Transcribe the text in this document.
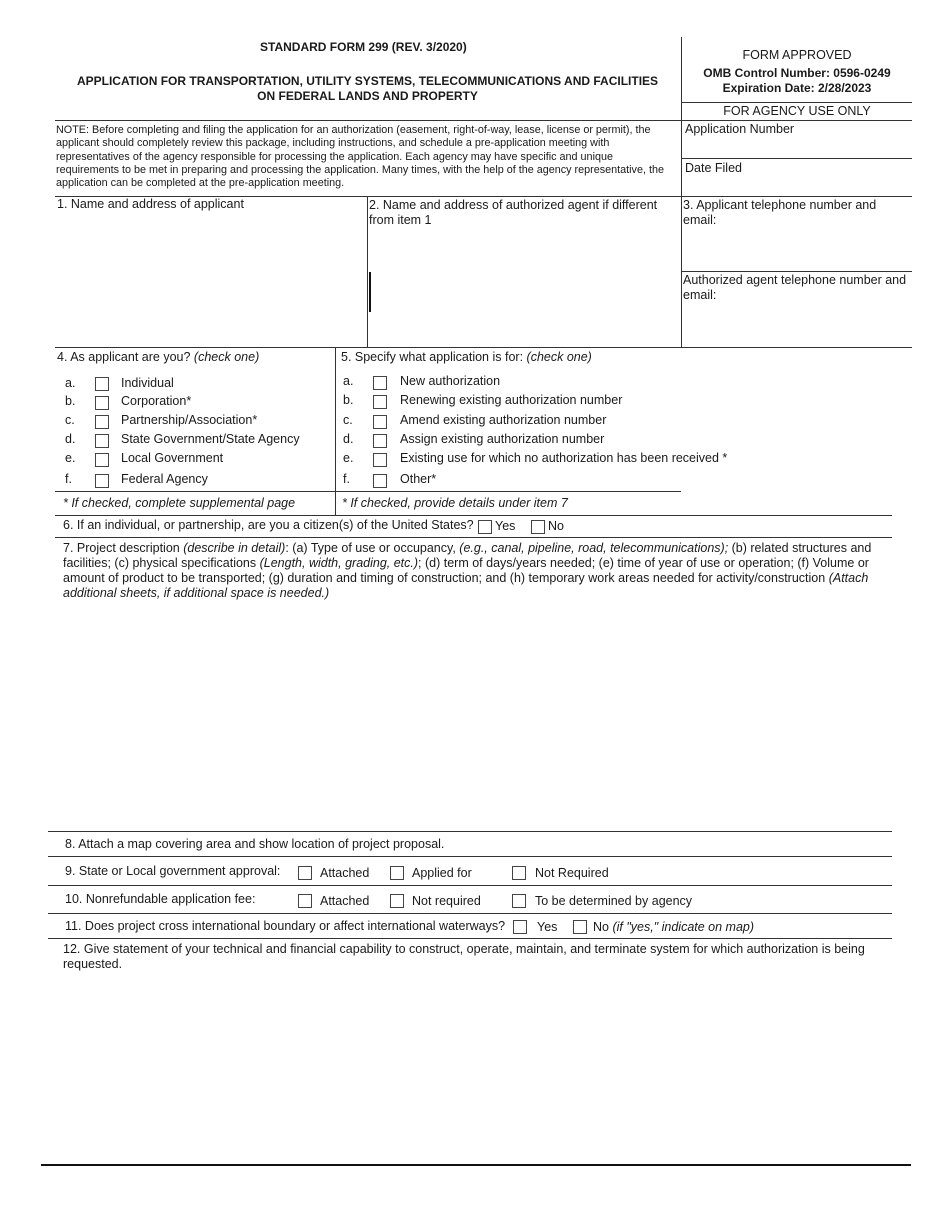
STANDARD FORM 299 (REV. 3/2020)
APPLICATION FOR TRANSPORTATION, UTILITY SYSTEMS, TELECOMMUNICATIONS AND FACILITIES
ON FEDERAL LANDS AND PROPERTY
FORM APPROVED
OMB Control Number: 0596-0249
Expiration Date: 2/28/2023
FOR AGENCY USE ONLY
Application Number
Date Filed
NOTE: Before completing and filing the application for an authorization (easement, right-of-way, lease, license or permit), the applicant should completely review this package, including instructions, and schedule a pre-application meeting with representatives of the agency responsible for processing the application. Each agency may have specific and unique requirements to be met in preparing and processing the application. Many times, with the help of the agency representative, the application can be completed at the pre-application meeting.
1. Name and address of applicant	2. Name and address of authorized agent if different from item 1
3. Applicant telephone number and email:
Authorized agent telephone number and email:
4. As applicant are you? (check one)
a.	Individual
b.	Corporation*
c.	Partnership/Association*
d.	State Government/State Agency
e.	Local Government
f.	Federal Agency
* If checked, complete supplemental page
5. Specify what application is for: (check one)
a.	New authorization
b.	Renewing existing authorization number
c.	Amend existing authorization number
d.	Assign existing authorization number
e.	Existing use for which no authorization has been received *
f.	Other*
* If checked, provide details under item 7
6. If an individual, or partnership, are you a citizen(s) of the United States? Yes	No
7. Project description (describe in detail): (a) Type of use or occupancy, (e.g., canal, pipeline, road, telecommunications); (b) related structures and facilities; (c) physical specifications (Length, width, grading, etc.); (d) term of days/years needed; (e) time of year of use or operation; (f) Volume or amount of product to be transported; (g) duration and timing of construction; and (h) temporary work areas needed for activity/construction (Attach additional sheets, if additional space is needed.)
8. Attach a map covering area and show location of project proposal.
9. State or Local government approval:	Attached	Applied for	Not Required
10. Nonrefundable application fee:	Attached	Not required	To be determined by agency
11. Does project cross international boundary or affect international waterways?	Yes	No (if "yes," indicate on map)
12. Give statement of your technical and financial capability to construct, operate, maintain, and terminate system for which authorization is being requested.
